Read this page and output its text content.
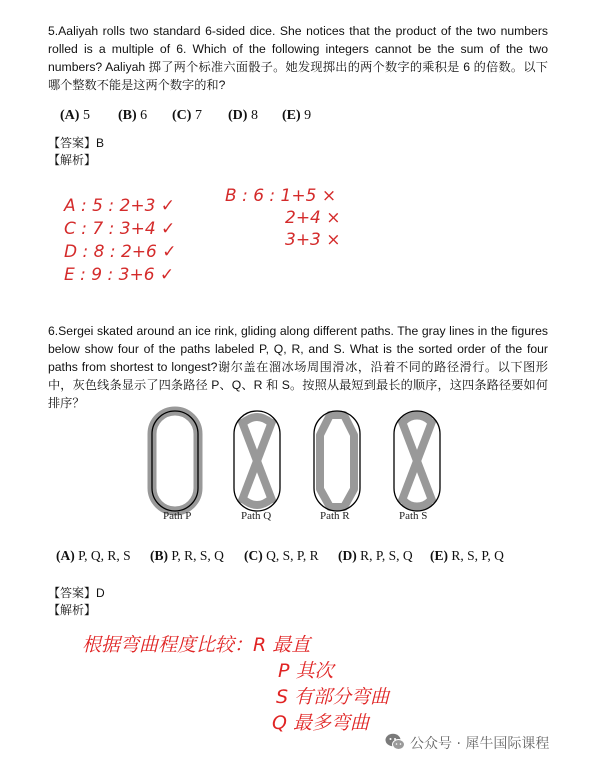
5.Aaliyah rolls two standard 6-sided dice. She notices that the product of the two numbers rolled is a multiple of 6. Which of the following integers cannot be the sum of the two numbers? Aaliyah 掷了两个标准六面骰子。她发现掷出的两个数字的乘积是 6 的倍数。以下哪个整数不能是这两个数字的和?
(A) 5 (B) 6 (C) 7 (D) 8 (E) 9
【答案】B
【解析】
A : 5 : 2+3 ✓
C : 7 : 3+4 ✓
D : 8 : 2+6 ✓
E : 9 : 3+6 ✓
B : 6 : 1+5 ×
2+4 ×
3+3 ×
6.Sergei skated around an ice rink, gliding along different paths. The gray lines in the figures below show four of the paths labeled P, Q, R, and S. What is the sorted order of the four paths from shortest to longest?谢尔盖在溜冰场周围滑冰，沿着不同的路径滑行。以下图形中，灰色线条显示了四条路径 P、Q、R 和 S。按照从最短到最长的顺序，这四条路径要如何排序？
Path P	Path Q	Path R	Path S
(A) P, Q, R, S (B) P, R, S, Q (C) Q, S, P, R (D) R, P, S, Q (E) R, S, P, Q
【答案】D
【解析】
根据弯曲程度比较：R 最直
P 其次
S 有部分弯曲
Q 最多弯曲
公众号 · 犀牛国际课程
